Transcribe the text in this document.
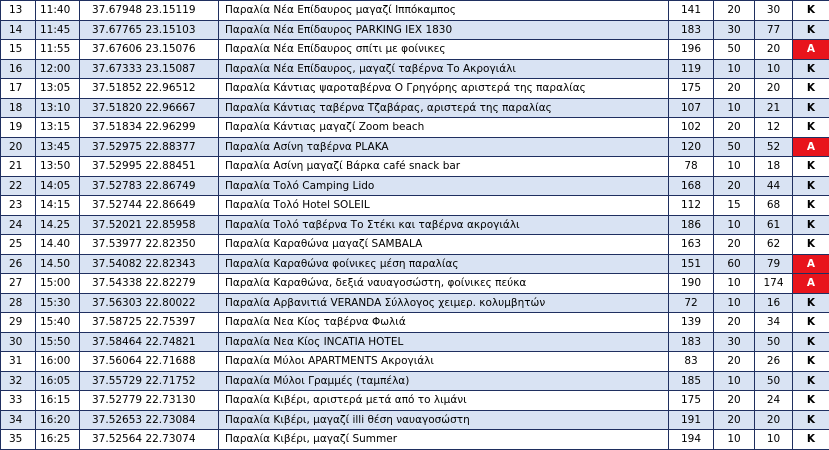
13	11:40	37.67948 23.15119	Παραλία Νέα Επίδαυρος μαγαζί Ιππόκαμπος	141	20	30	K
14	11:45	37.67765 23.15103	Παραλία Νέα Επίδαυρος PARKING ΙΕΧ 1830	183	30	77	K
15	11:55	37.67606 23.15076	Παραλία Νέα Επίδαυρος σπίτι με φοίνικες	196	50	20	A
16	12:00	37.67333 23.15087	Παραλία Νέα Επίδαυρος, μαγαζί ταβέρνα Το Ακρογιάλι	119	10	10	K
17	13:05	37.51852 22.96512	Παραλία Κάντιας ψαροταβέρνα Ο Γρηγόρης αριστερά της παραλίας	175	20	20	K
18	13:10	37.51820 22.96667	Παραλία Κάντιας ταβέρνα Τζαβάρας, αριστερά της παραλίας	107	10	21	K
19	13:15	37.51834 22.96299	Παραλία Κάντιας μαγαζί Zoom beach	102	20	12	K
20	13:45	37.52975 22.88377	Παραλία Ασίνη ταβέρνα PLAKA	120	50	52	A
21	13:50	37.52995 22.88451	Παραλία Ασίνη μαγαζί Βάρκα café snack bar	78	10	18	K
22	14:05	37.52783 22.86749	Παραλία Τολό Camping Lido	168	20	44	K
23	14:15	37.52744 22.86649	Παραλία Τολό Hotel SOLEIL	112	15	68	K
24	14.25	37.52021 22.85958	Παραλία Τολό ταβέρνα Το Στέκι και ταβέρνα ακρογιάλι	186	10	61	K
25	14.40	37.53977 22.82350	Παραλία Καραθώνα μαγαζί SAMBALA	163	20	62	K
26	14.50	37.54082 22.82343	Παραλία Καραθώνα φοίνικες μέση παραλίας	151	60	79	A
27	15:00	37.54338 22.82279	Παραλία Καραθώνα, δεξιά ναυαγοσώστη, φοίνικες πεύκα	190	10	174	A
28	15:30	37.56303 22.80022	Παραλία Αρβανιτιά VERANDA Σύλλογος χειμερ. κολυμβητών	72	10	16	K
29	15:40	37.58725 22.75397	Παραλία Νεα Κίος ταβέρνα Φωλιά	139	20	34	K
30	15:50	37.58464 22.74821	Παραλία Νεα Κίος INCATIA HOTEL	183	30	50	K
31	16:00	37.56064 22.71688	Παραλία Μύλοι APARTMENTS Ακρογιάλι	83	20	26	K
32	16:05	37.55729 22.71752	Παραλία Μύλοι Γραμμές (ταμπέλα)	185	10	50	K
33	16:15	37.52779 22.73130	Παραλία Κιβέρι, αριστερά μετά από το λιμάνι	175	20	24	K
34	16:20	37.52653 22.73084	Παραλία Κιβέρι, μαγαζί illi θέση ναυαγοσώστη	191	20	20	K
35	16:25	37.52564 22.73074	Παραλία Κιβέρι, μαγαζί Summer	194	10	10	K
